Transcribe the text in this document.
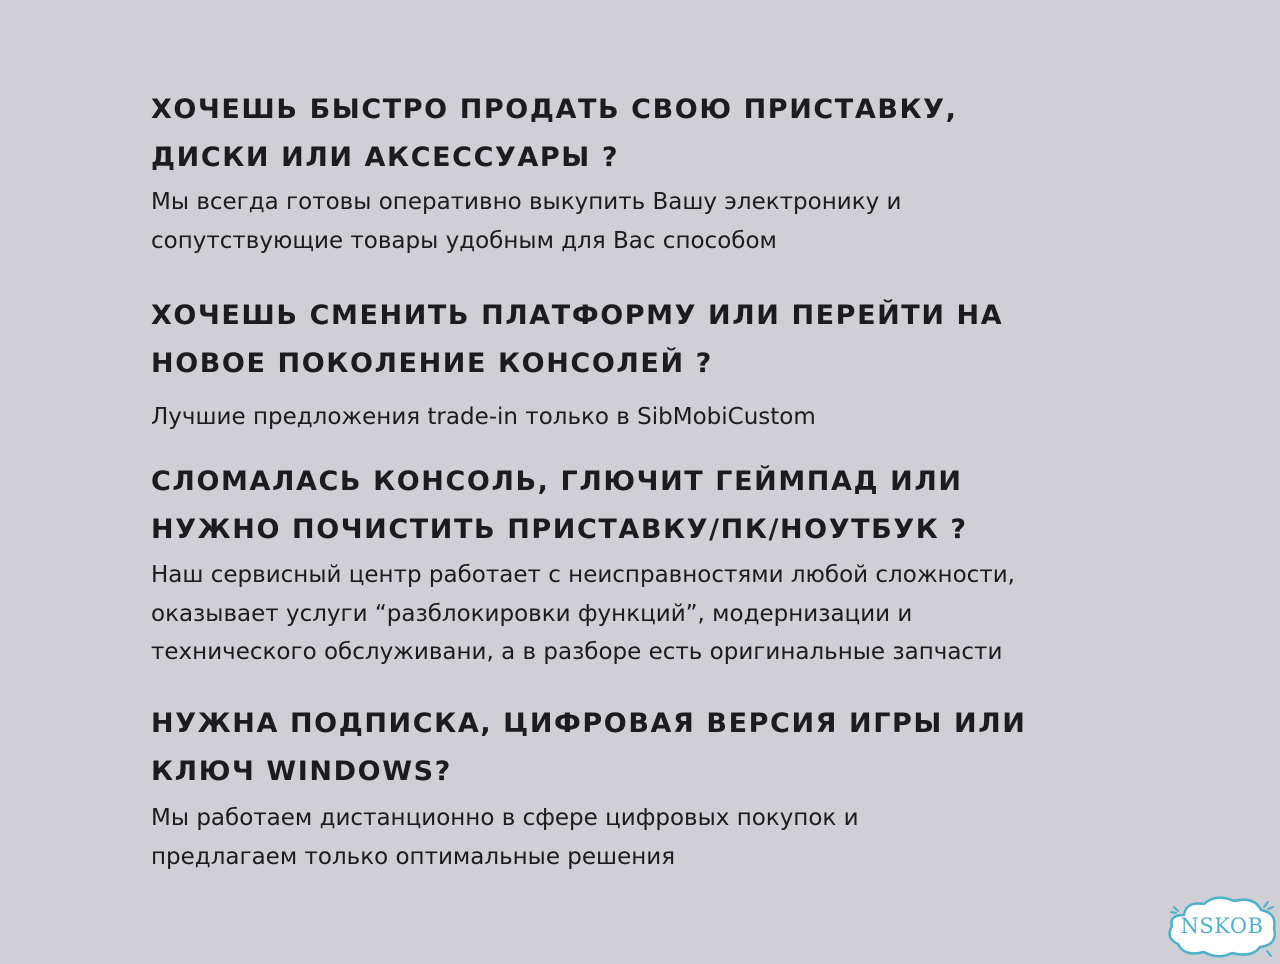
ХОЧЕШЬ БЫСТРО ПРОДАТЬ СВОЮ ПРИСТАВКУ,
ДИСКИ ИЛИ АКСЕССУАРЫ ?

Мы всегда готовы оперативно выкупить Вашу электронику и
сопутствующие товары удобным для Вас способом

ХОЧЕШЬ СМЕНИТЬ ПЛАТФОРМУ ИЛИ ПЕРЕЙТИ НА
НОВОЕ ПОКОЛЕНИЕ КОНСОЛЕЙ ?

Лучшие предложения trade-in только в SibMobiCustom

СЛОМАЛАСЬ КОНСОЛЬ, ГЛЮЧИТ ГЕЙМПАД ИЛИ
НУЖНО ПОЧИСТИТЬ ПРИСТАВКУ/ПК/НОУТБУК ?

Наш сервисный центр работает с неисправностями любой сложности,
оказывает услуги “разблокировки функций”, модернизации и
технического обслуживани, а в разборе есть оригинальные запчасти

НУЖНА ПОДПИСКА, ЦИФРОВАЯ ВЕРСИЯ ИГРЫ ИЛИ
КЛЮЧ WINDOWS?

Мы работаем дистанционно в сфере цифровых покупок и
предлагаем только оптимальные решения

NSKOB
